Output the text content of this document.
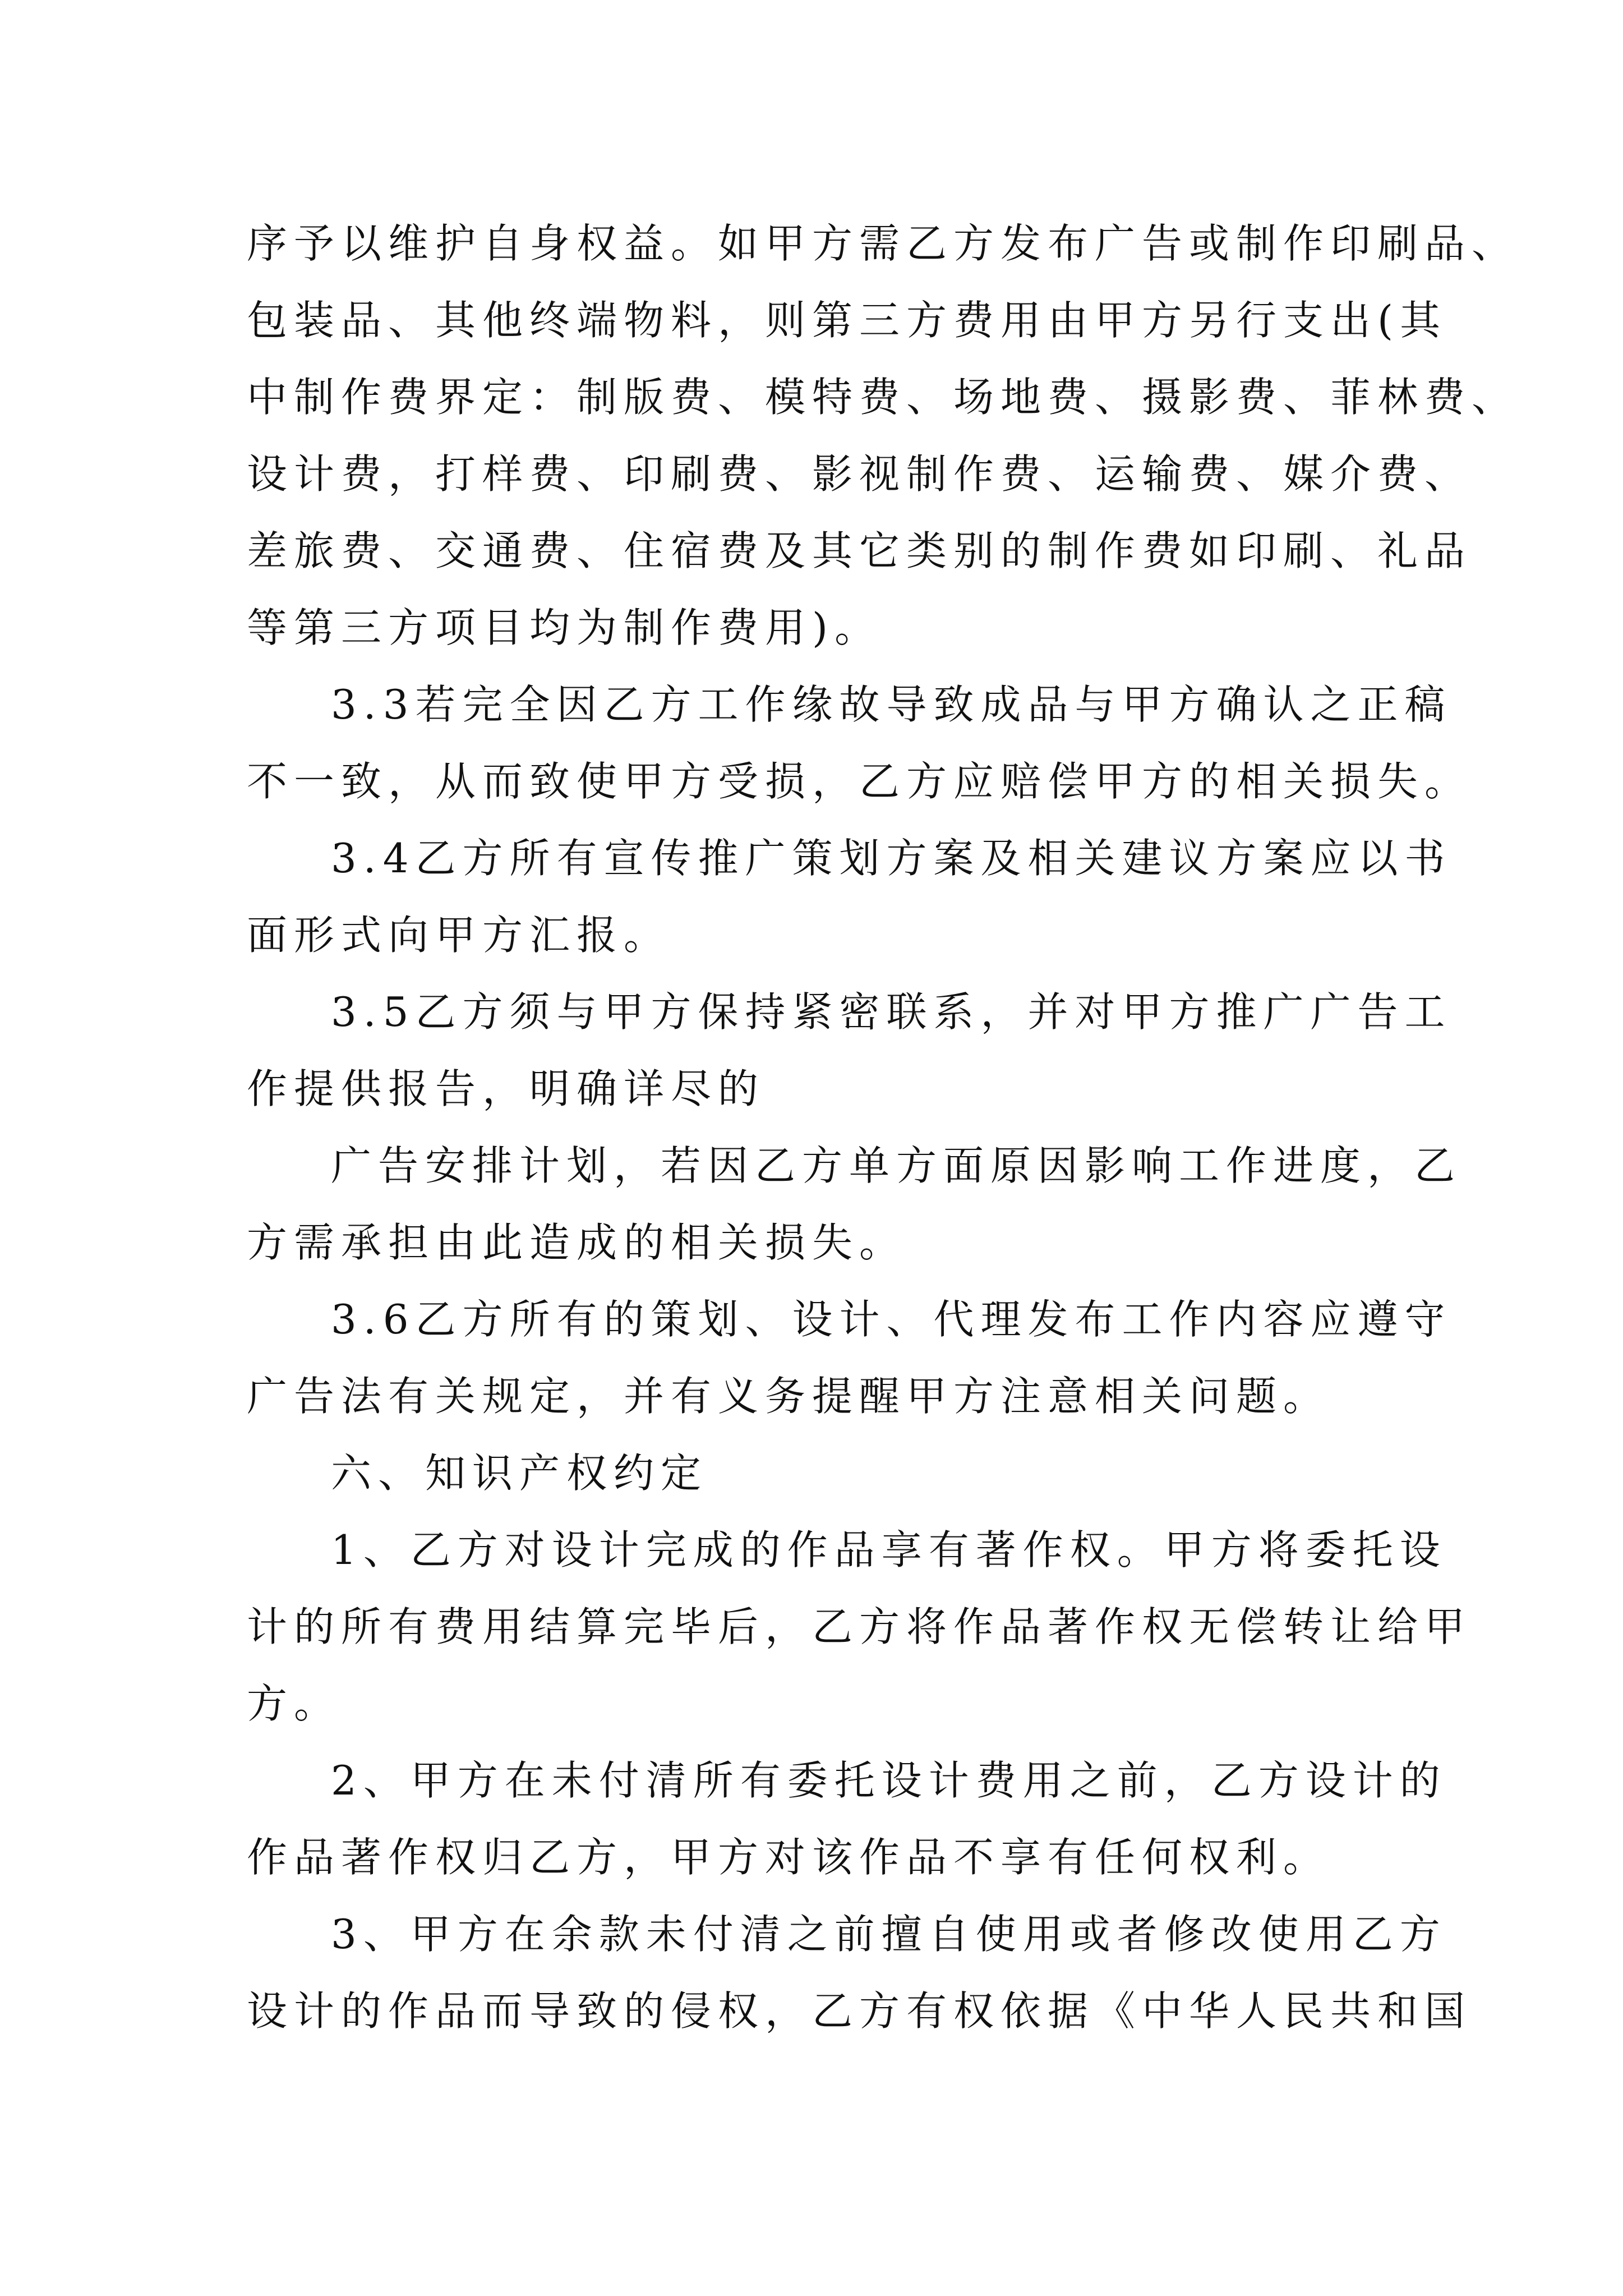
序予以维护自身权益。如甲方需乙方发布广告或制作印刷品、
包装品、其他终端物料，则第三方费用由甲方另行支出(其
中制作费界定：制版费、模特费、场地费、摄影费、菲林费、
设计费，打样费、印刷费、影视制作费、运输费、媒介费、
差旅费、交通费、住宿费及其它类别的制作费如印刷、礼品
等第三方项目均为制作费用)。
3.3若完全因乙方工作缘故导致成品与甲方确认之正稿
不一致，从而致使甲方受损，乙方应赔偿甲方的相关损失。
3.4乙方所有宣传推广策划方案及相关建议方案应以书
面形式向甲方汇报。
3.5乙方须与甲方保持紧密联系，并对甲方推广广告工
作提供报告，明确详尽的
广告安排计划，若因乙方单方面原因影响工作进度，乙
方需承担由此造成的相关损失。
3.6乙方所有的策划、设计、代理发布工作内容应遵守
广告法有关规定，并有义务提醒甲方注意相关问题。
六、知识产权约定
1、乙方对设计完成的作品享有著作权。甲方将委托设
计的所有费用结算完毕后，乙方将作品著作权无偿转让给甲
方。
2、甲方在未付清所有委托设计费用之前，乙方设计的
作品著作权归乙方，甲方对该作品不享有任何权利。
3、甲方在余款未付清之前擅自使用或者修改使用乙方
设计的作品而导致的侵权，乙方有权依据《中华人民共和国
